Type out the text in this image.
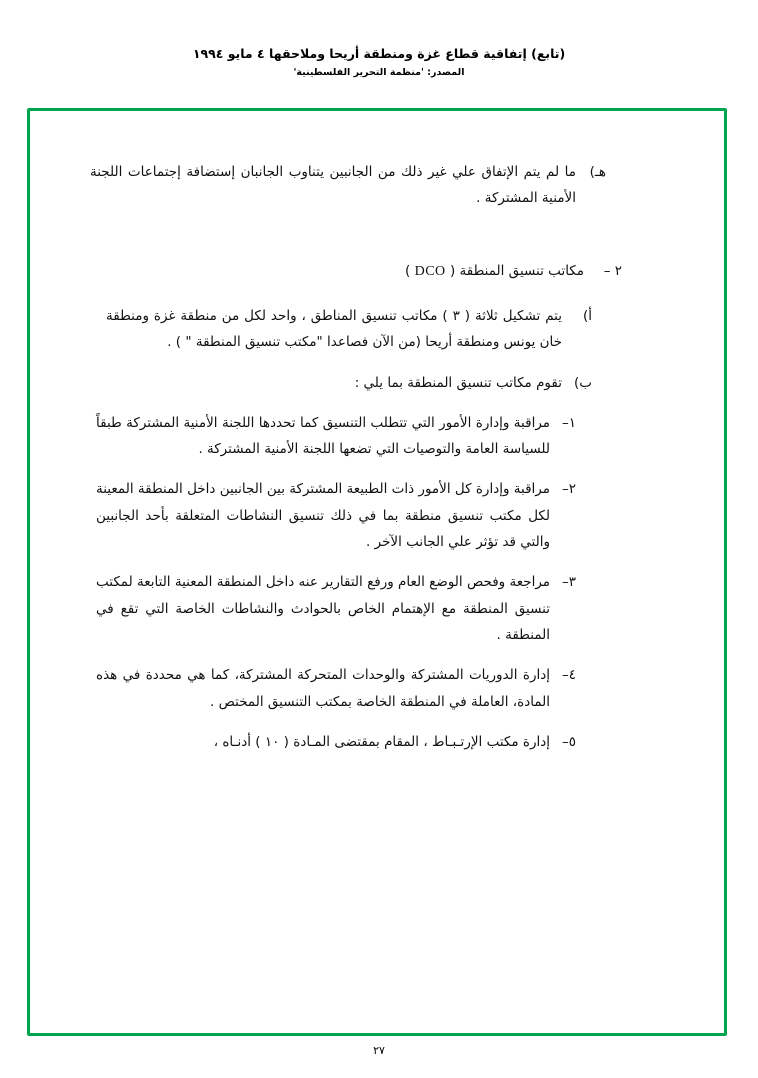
(تابع) إتفاقية قطاع غزة ومنطقة أريحا وملاحقها ٤ مايو ١٩٩٤
المصدر: 'منظمة التحرير الفلسطينية'
هـ)
ما لم يتم الإتفاق علي غير ذلك من الجانبين يتناوب الجانبان إستضافة إجتماعات اللجنة الأمنية المشتركة .
٢ –
مكاتب تنسيق المنطقة ( DCO )
أ)
يتم تشكيل ثلاثة ( ٣ ) مكاتب تنسيق المناطق ، واحد لكل من منطقة غزة ومنطقة خان يونس ومنطقة أريحا (من الآن فصاعدا "مكتب تنسيق المنطقة " ) .
ب)
تقوم مكاتب تنسيق المنطقة بما يلي :
١–
مراقبة وإدارة الأمور التي تتطلب التنسيق كما تحددها اللجنة الأمنية المشتركة طبقاً للسياسة العامة والتوصيات التي تضعها اللجنة الأمنية المشتركة .
٢–
مراقبة وإدارة كل الأمور ذات الطبيعة المشتركة بين الجانبين داخل المنطقة المعينة لكل مكتب تنسيق منطقة بما في ذلك تنسيق النشاطات المتعلقة بأحد الجانبين والتي قد تؤثر علي الجانب الآخر .
٣–
مراجعة وفحص الوضع العام ورفع التقارير عنه داخل المنطقة المعنية التابعة لمكتب تنسيق المنطقة مع الإهتمام الخاص بالحوادث والنشاطات الخاصة التي تقع في المنطقة .
٤–
إدارة الدوريات المشتركة والوحدات المتحركة المشتركة، كما هي محددة في هذه المادة، العاملة في المنطقة الخاصة بمكتب التنسيق المختص .
٥–
إدارة مكتب الإرتـبـاط ، المقام بمقتضى المـادة ( ١٠ ) أدنـاه ،
٢٧
